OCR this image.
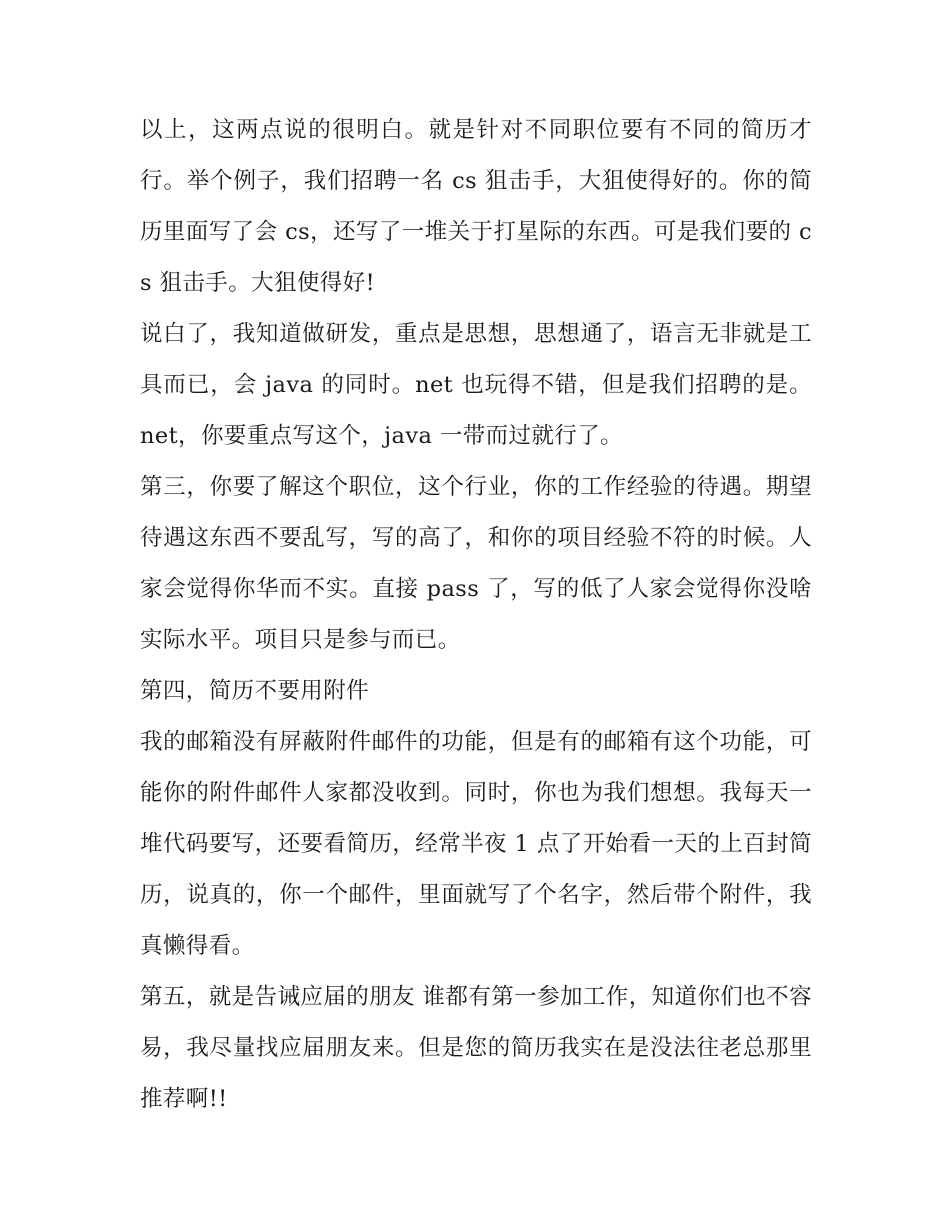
以上，这两点说的很明白。就是针对不同职位要有不同的简历才行。举个例子，我们招聘一名 cs 狙击手，大狙使得好的。你的简历里面写了会 cs，还写了一堆关于打星际的东西。可是我们要的 cs 狙击手。大狙使得好!

说白了，我知道做研发，重点是思想，思想通了，语言无非就是工具而已，会 java 的同时。net 也玩得不错，但是我们招聘的是。net，你要重点写这个，java 一带而过就行了。

第三，你要了解这个职位，这个行业，你的工作经验的待遇。期望待遇这东西不要乱写，写的高了，和你的项目经验不符的时候。人家会觉得你华而不实。直接 pass 了，写的低了人家会觉得你没啥实际水平。项目只是参与而已。

第四，简历不要用附件

我的邮箱没有屏蔽附件邮件的功能，但是有的邮箱有这个功能，可能你的附件邮件人家都没收到。同时，你也为我们想想。我每天一堆代码要写，还要看简历，经常半夜 1 点了开始看一天的上百封简历，说真的，你一个邮件，里面就写了个名字，然后带个附件，我真懒得看。

第五，就是告诫应届的朋友 谁都有第一参加工作，知道你们也不容易，我尽量找应届朋友来。但是您的简历我实在是没法往老总那里推荐啊!!
